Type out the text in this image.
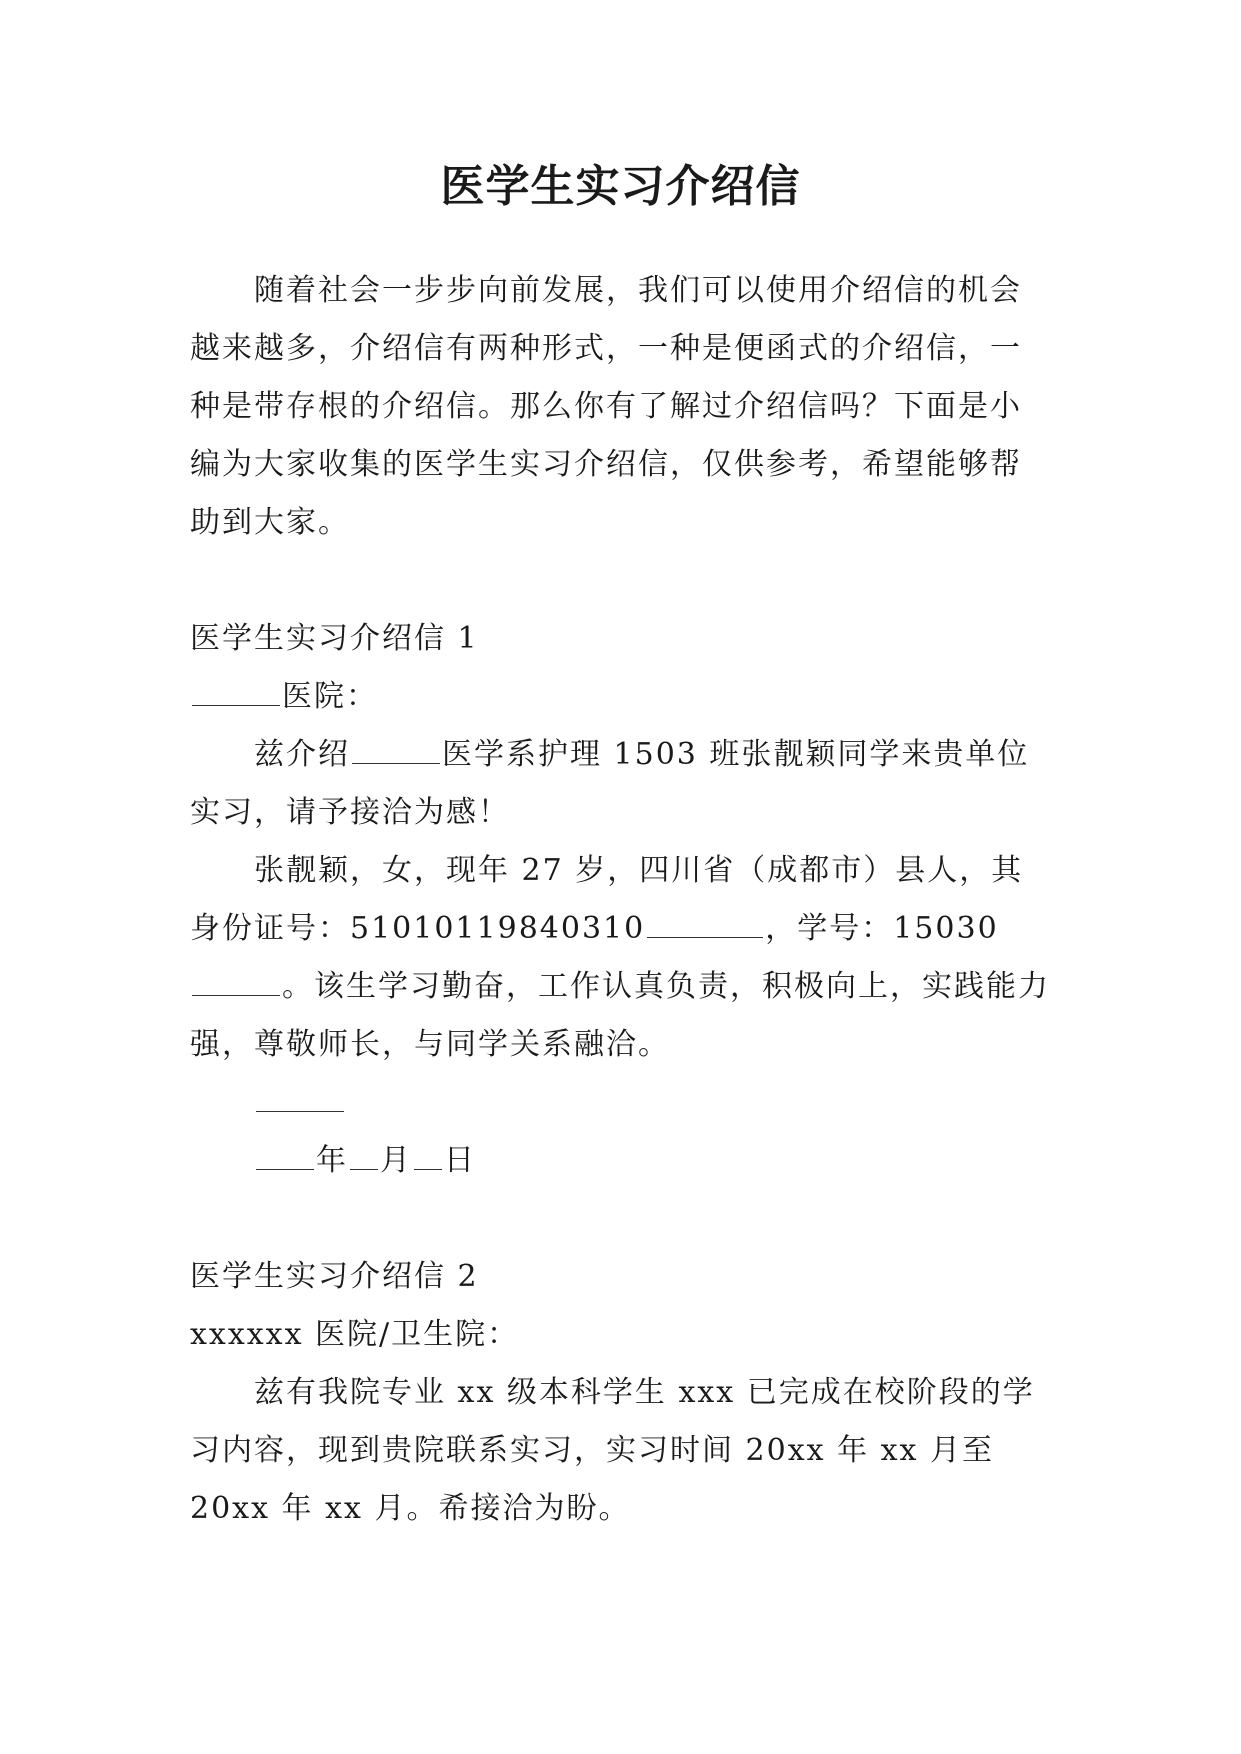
医学生实习介绍信

随着社会一步步向前发展，我们可以使用介绍信的机会越来越多，介绍信有两种形式，一种是便函式的介绍信，一种是带存根的介绍信。那么你有了解过介绍信吗？下面是小编为大家收集的医学生实习介绍信，仅供参考，希望能够帮助到大家。

医学生实习介绍信 1

医院：

兹介绍	医学系护理 1503 班张靓颖同学来贵单位实习，请予接洽为感！

张靓颖，女，现年 27 岁，四川省（成都市）县人，其身份证号：51010119840310	，学号：15030。该生学习勤奋，工作认真负责，积极向上，实践能力强，尊敬师长，与同学关系融洽。

年 月 日

医学生实习介绍信 2

xxxxxx 医院/卫生院：

兹有我院专业 xx 级本科学生 xxx 已完成在校阶段的学习内容，现到贵院联系实习，实习时间 20xx 年 xx 月至 20xx 年 xx 月。希接洽为盼。
